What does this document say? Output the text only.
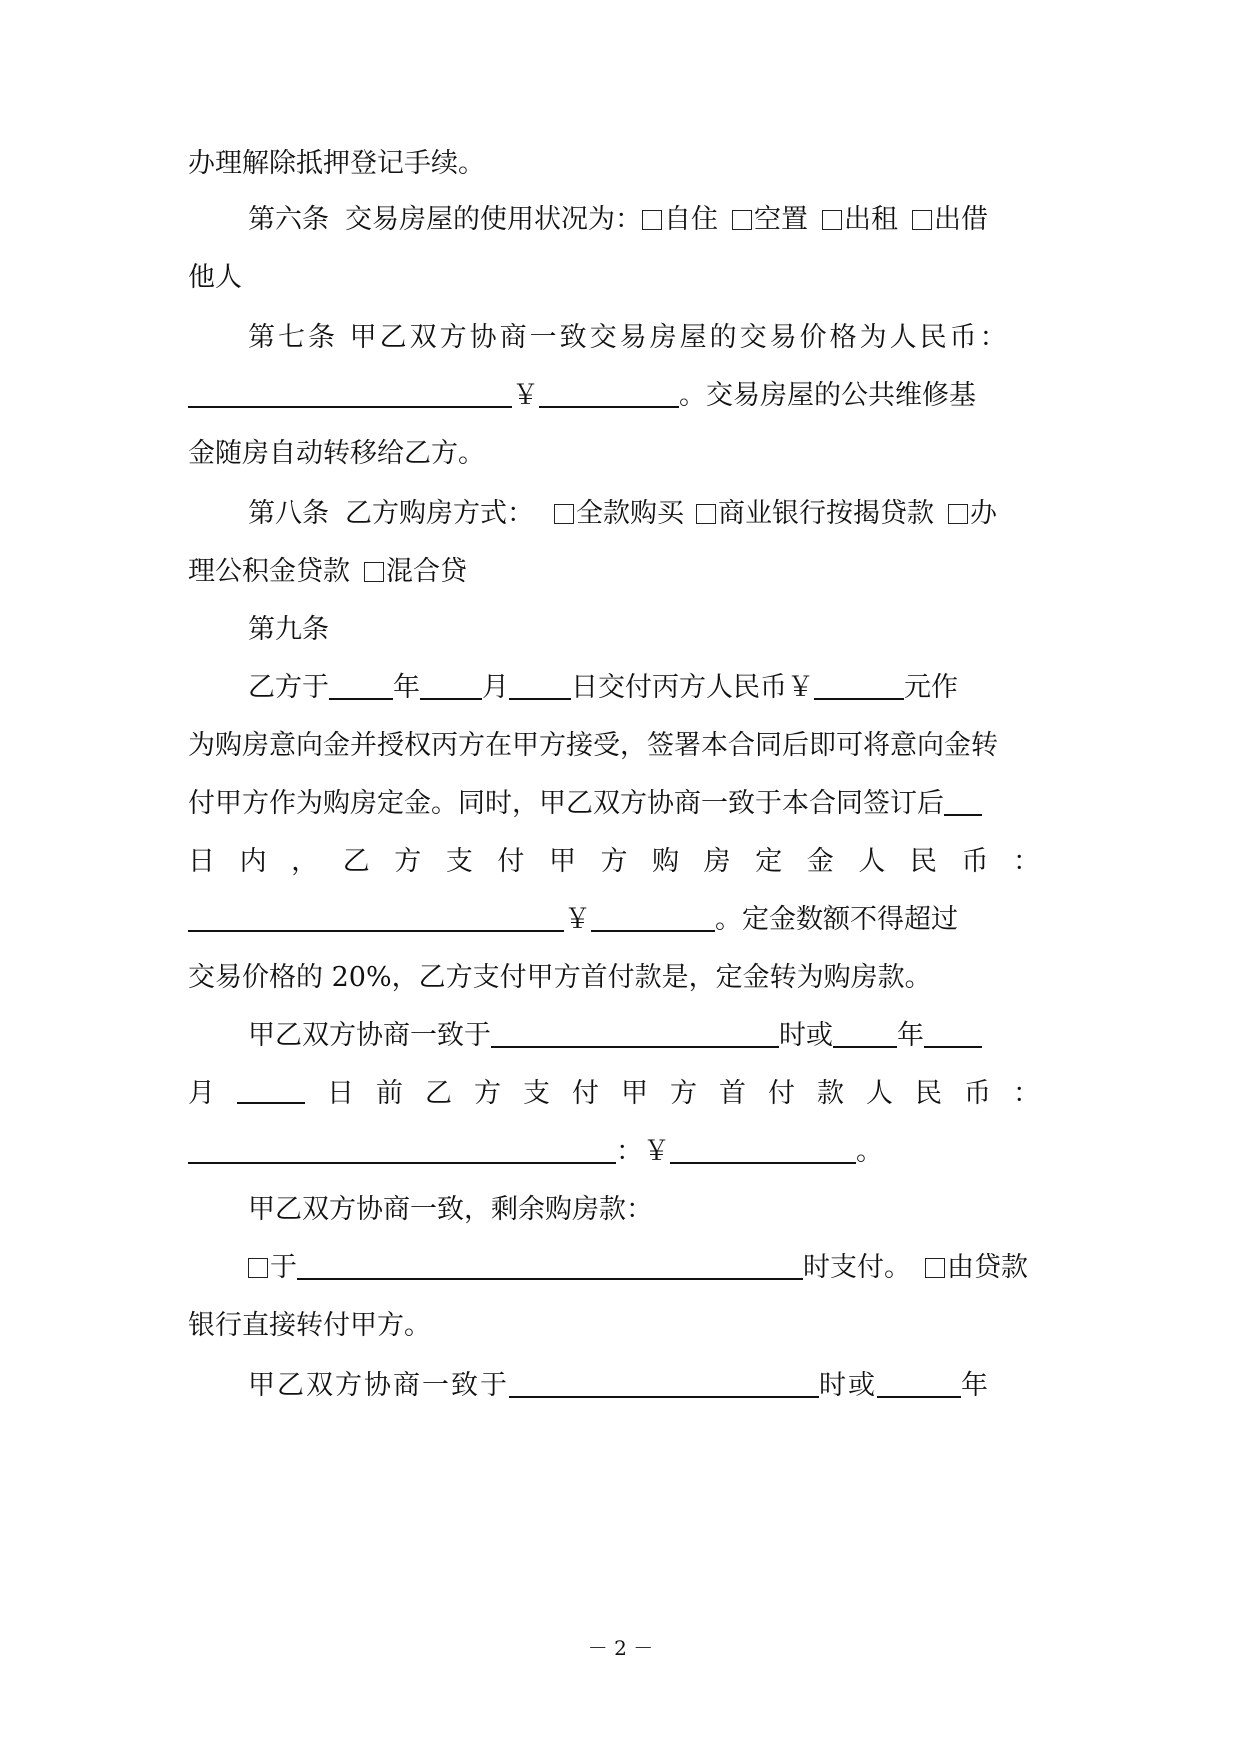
办理解除抵押登记手续。
第六条 交易房屋的使用状况为： 自住 空置 出租 出借
他人
第七条 甲乙双方协商一致交易房屋的交易价格为人民币：
￥	。交易房屋的公共维修基
金随房自动转移给乙方。
第八条 乙方购房方式： 全款购买 商业银行按揭贷款 办
理公积金贷款 混合贷
第九条
乙方于 年 月 日交付丙方人民币￥	元作
为购房意向金并授权丙方在甲方接受，签署本合同后即可将意向金转
付甲方作为购房定金。同时，甲乙双方协商一致于本合同签订后
日 内 ， 乙 方 支 付 甲 方 购 房 定 金 人 民 币 ：
￥	。定金数额不得超过
交易价格的 20%，乙方支付甲方首付款是，定金转为购房款。
甲乙双方协商一致于	时或 年
月	日 前 乙 方 支 付 甲 方 首 付 款 人 民 币 ：
：￥	。
甲乙双方协商一致，剩余购房款：
于	时支付。 由贷款
银行直接转付甲方。
甲乙双方协商一致于	时或	年
－ 2 －
